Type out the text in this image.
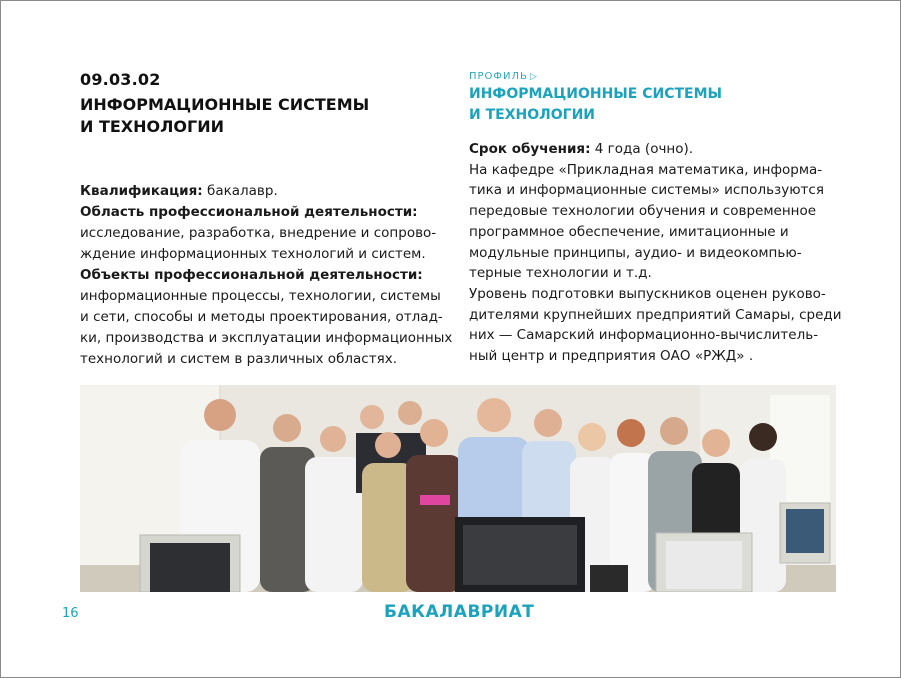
09.03.02
ИНФОРМАЦИОННЫЕ СИСТЕМЫ
И ТЕХНОЛОГИИ
ПРОФИЛЬ ▷
ИНФОРМАЦИОННЫЕ СИСТЕМЫ
И ТЕХНОЛОГИИ
Квалификация: бакалавр.
Область профессиональной деятельности:
исследование, разработка, внедрение и сопрово-
ждение информационных технологий и систем.
Объекты профессиональной деятельности:
информационные процессы, технологии, системы
и сети, способы и методы проектирования, отлад-
ки, производства и эксплуатации информационных
технологий и систем в различных областях.
Срок обучения: 4 года (очно).
На кафедре «Прикладная математика, информа-
тика и информационные системы» используются
передовые технологии обучения и современное
программное обеспечение, имитационные и
модульные принципы, аудио- и видеокомпью-
терные технологии и т.д.
Уровень подготовки выпускников оценен руково-
дителями крупнейших предприятий Самары, среди
них — Самарский информационно-вычислитель-
ный центр и предприятия ОАО «РЖД» .
16	БАКАЛАВРИАТ
